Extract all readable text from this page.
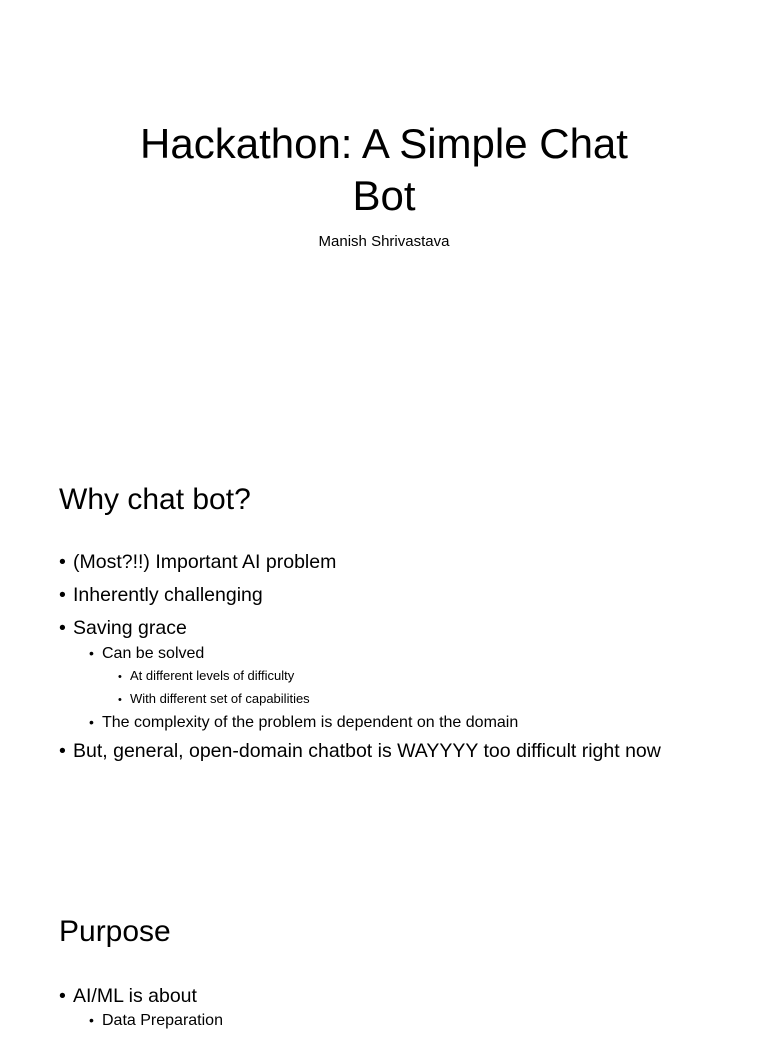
Hackathon: A Simple Chat
Bot

Manish Shrivastava

Why chat bot?
• (Most?!!) Important AI problem
• Inherently challenging
• Saving grace
• Can be solved
• At different levels of difficulty
• With different set of capabilities
• The complexity of the problem is dependent on the domain
• But, general, open-domain chatbot is WAYYYY too difficult right now
Purpose
• AI/ML is about
• Data Preparation
